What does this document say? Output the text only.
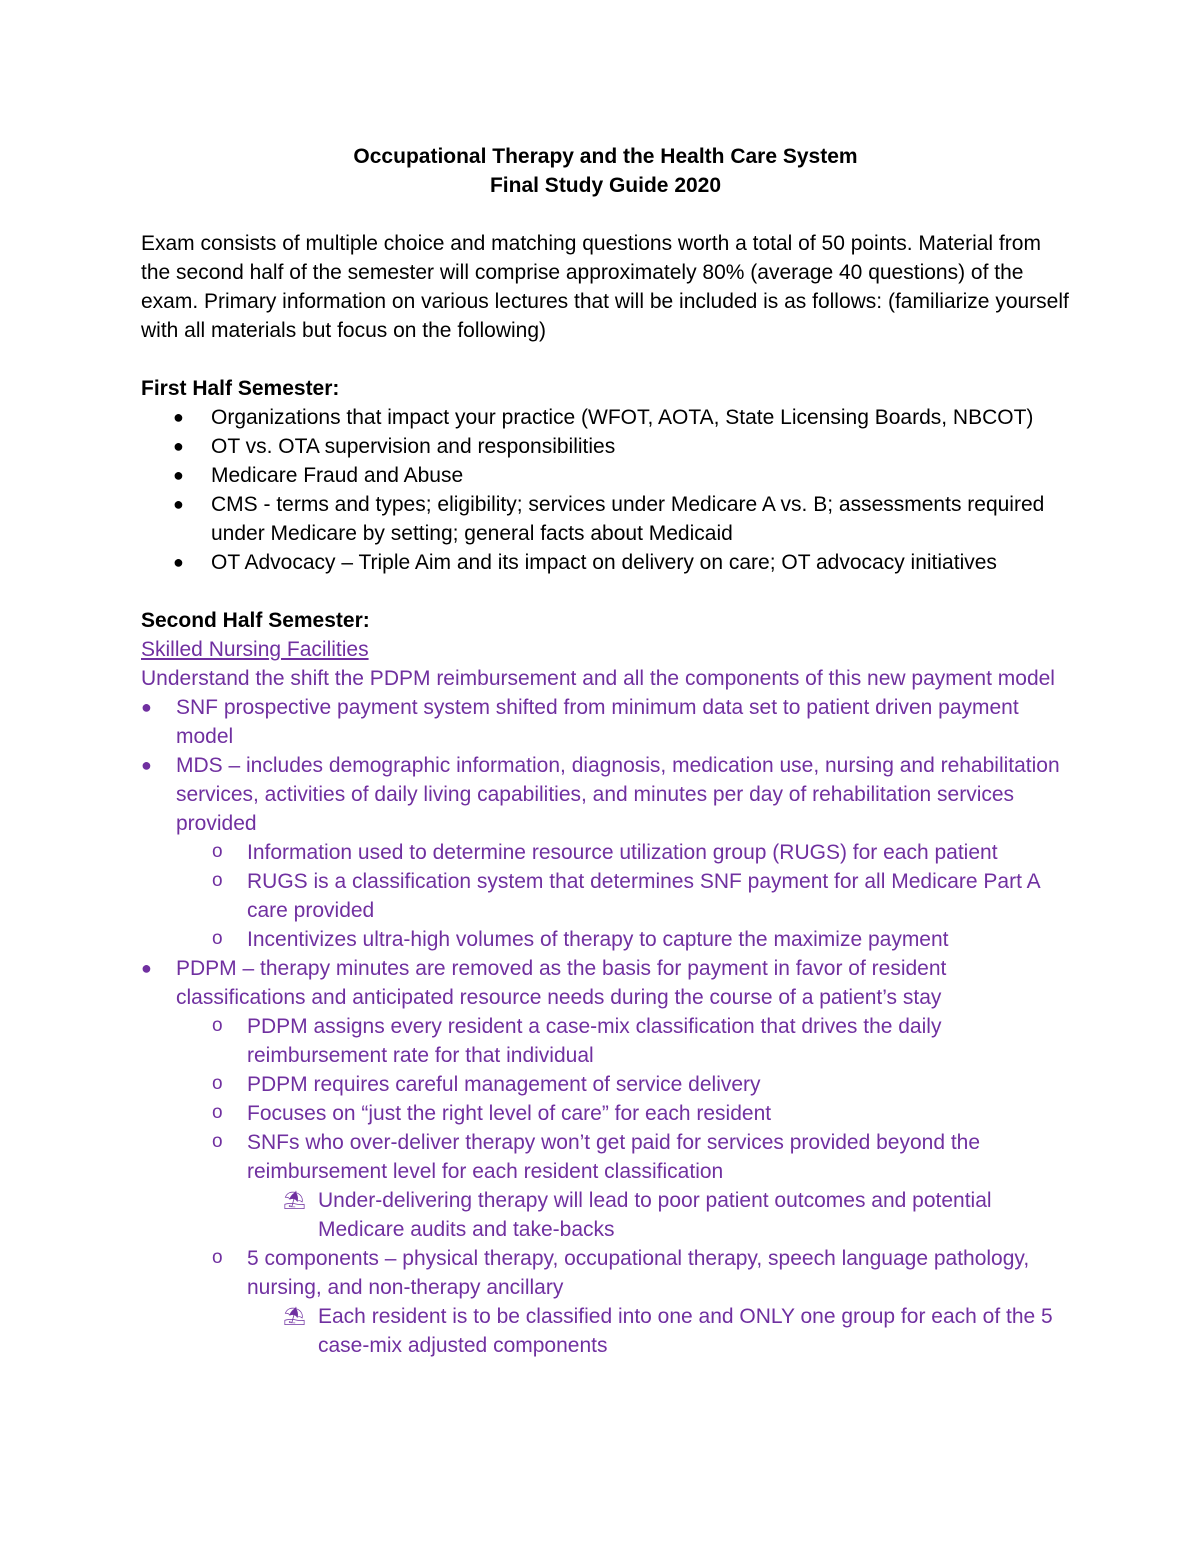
Occupational Therapy and the Health Care System
Final Study Guide 2020
Exam consists of multiple choice and matching questions worth a total of 50 points. Material from the second half of the semester will comprise approximately 80% (average 40 questions) of the exam. Primary information on various lectures that will be included is as follows: (familiarize yourself with all materials but focus on the following)
First Half Semester:
● Organizations that impact your practice (WFOT, AOTA, State Licensing Boards, NBCOT)
● OT vs. OTA supervision and responsibilities
● Medicare Fraud and Abuse
● CMS - terms and types; eligibility; services under Medicare A vs. B; assessments required under Medicare by setting; general facts about Medicaid
● OT Advocacy – Triple Aim and its impact on delivery on care; OT advocacy initiatives
Second Half Semester:
Skilled Nursing Facilities
Understand the shift the PDPM reimbursement and all the components of this new payment model
● SNF prospective payment system shifted from minimum data set to patient driven payment model
● MDS – includes demographic information, diagnosis, medication use, nursing and rehabilitation services, activities of daily living capabilities, and minutes per day of rehabilitation services provided
o Information used to determine resource utilization group (RUGS) for each patient
o RUGS is a classification system that determines SNF payment for all Medicare Part A care provided
o Incentivizes ultra-high volumes of therapy to capture the maximize payment
● PDPM – therapy minutes are removed as the basis for payment in favor of resident classifications and anticipated resource needs during the course of a patient’s stay
o PDPM assigns every resident a case-mix classification that drives the daily reimbursement rate for that individual
o PDPM requires careful management of service delivery
o Focuses on “just the right level of care” for each resident
o SNFs who over-deliver therapy won’t get paid for services provided beyond the reimbursement level for each resident classification
⛱ Under-delivering therapy will lead to poor patient outcomes and potential Medicare audits and take-backs
o 5 components – physical therapy, occupational therapy, speech language pathology, nursing, and non-therapy ancillary
⛱ Each resident is to be classified into one and ONLY one group for each of the 5 case-mix adjusted components
